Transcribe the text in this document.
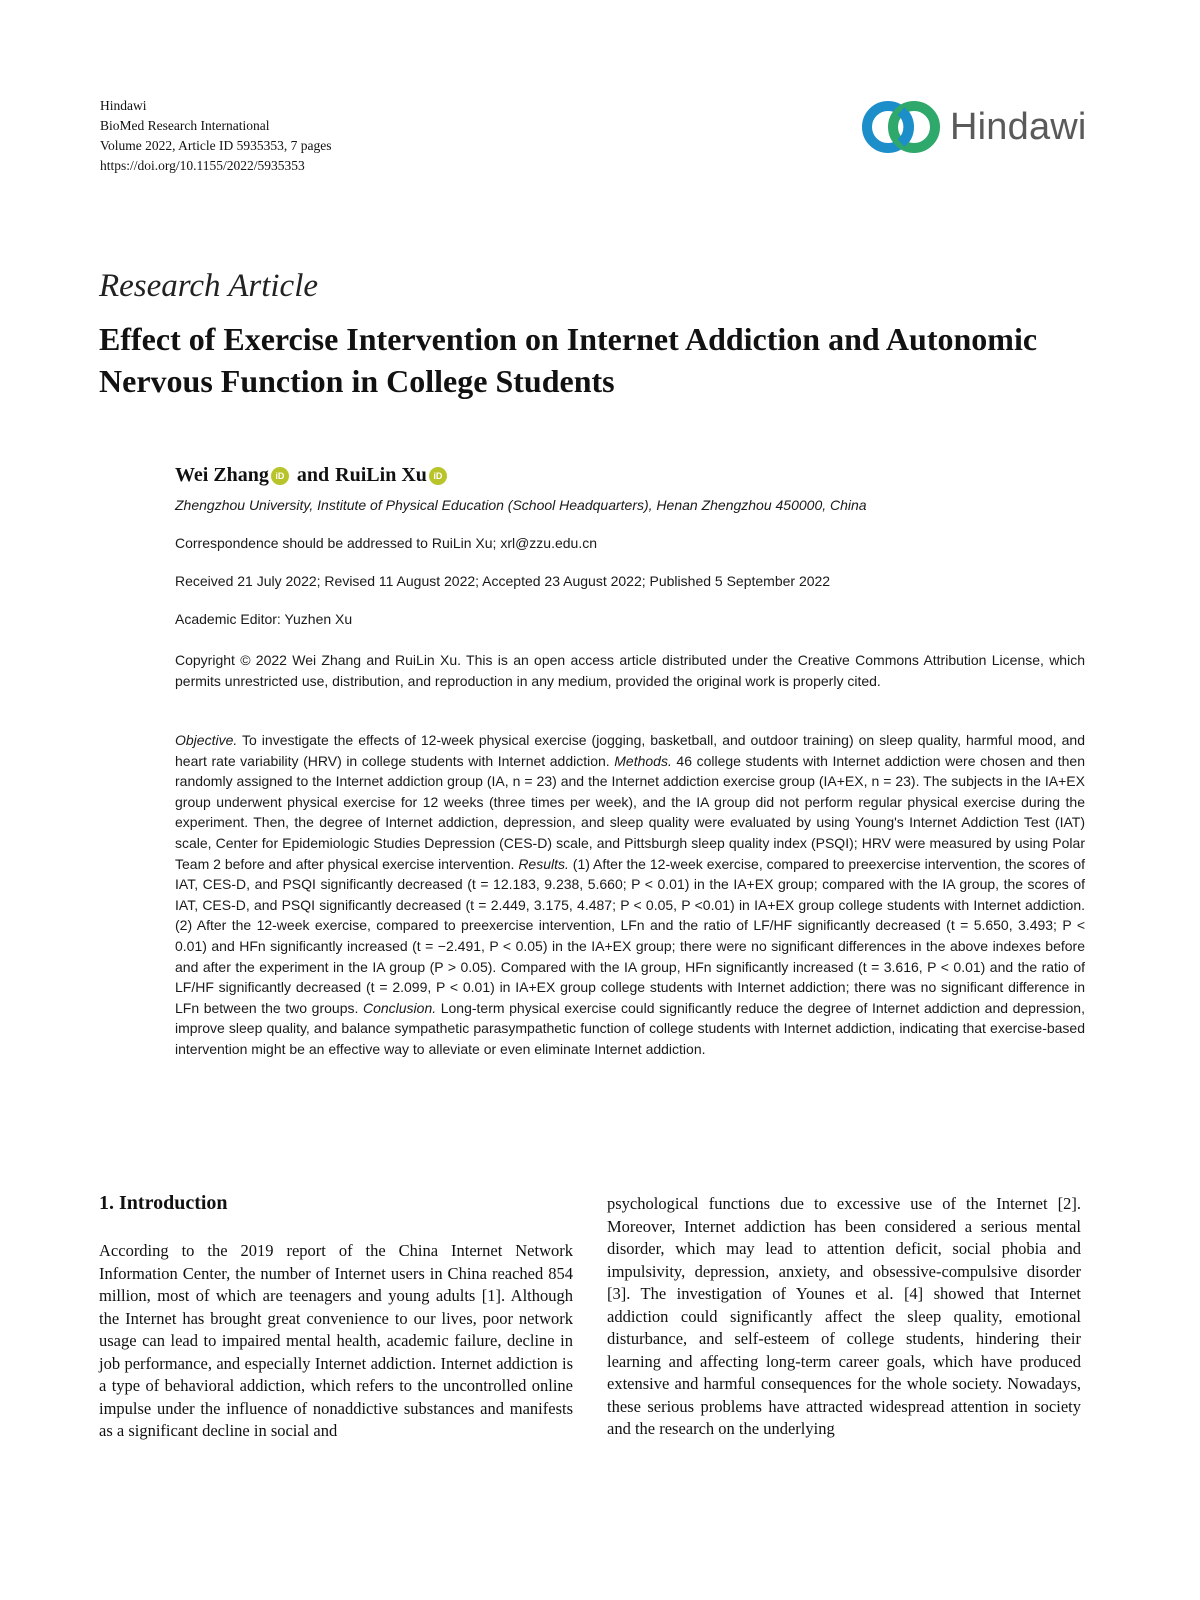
Hindawi
BioMed Research International
Volume 2022, Article ID 5935353, 7 pages
https://doi.org/10.1155/2022/5935353
Hindawi
Research Article
Effect of Exercise Intervention on Internet Addiction and Autonomic Nervous Function in College Students
Wei Zhang iD and RuiLin Xu iD
Zhengzhou University, Institute of Physical Education (School Headquarters), Henan Zhengzhou 450000, China
Correspondence should be addressed to RuiLin Xu; xrl@zzu.edu.cn
Received 21 July 2022; Revised 11 August 2022; Accepted 23 August 2022; Published 5 September 2022
Academic Editor: Yuzhen Xu
Copyright © 2022 Wei Zhang and RuiLin Xu. This is an open access article distributed under the Creative Commons Attribution License, which permits unrestricted use, distribution, and reproduction in any medium, provided the original work is properly cited.

Objective. To investigate the effects of 12-week physical exercise (jogging, basketball, and outdoor training) on sleep quality, harmful mood, and heart rate variability (HRV) in college students with Internet addiction. Methods. 46 college students with Internet addiction were chosen and then randomly assigned to the Internet addiction group (IA, n = 23) and the Internet addiction exercise group (IA+EX, n = 23). The subjects in the IA+EX group underwent physical exercise for 12 weeks (three times per week), and the IA group did not perform regular physical exercise during the experiment. Then, the degree of Internet addiction, depression, and sleep quality were evaluated by using Young's Internet Addiction Test (IAT) scale, Center for Epidemiologic Studies Depression (CES-D) scale, and Pittsburgh sleep quality index (PSQI); HRV were measured by using Polar Team 2 before and after physical exercise intervention. Results. (1) After the 12-week exercise, compared to preexercise intervention, the scores of IAT, CES-D, and PSQI significantly decreased (t = 12.183, 9.238, 5.660; P < 0.01) in the IA+EX group; compared with the IA group, the scores of IAT, CES-D, and PSQI significantly decreased (t = 2.449, 3.175, 4.487; P < 0.05, P <0.01) in IA+EX group college students with Internet addiction. (2) After the 12-week exercise, compared to preexercise intervention, LFn and the ratio of LF/HF significantly decreased (t = 5.650, 3.493; P < 0.01) and HFn significantly increased (t = −2.491, P < 0.05) in the IA+EX group; there were no significant differences in the above indexes before and after the experiment in the IA group (P > 0.05). Compared with the IA group, HFn significantly increased (t = 3.616, P < 0.01) and the ratio of LF/HF significantly decreased (t = 2.099, P < 0.01) in IA+EX group college students with Internet addiction; there was no significant difference in LFn between the two groups. Conclusion. Long-term physical exercise could significantly reduce the degree of Internet addiction and depression, improve sleep quality, and balance sympathetic parasympathetic function of college students with Internet addiction, indicating that exercise-based intervention might be an effective way to alleviate or even eliminate Internet addiction.

1. Introduction

According to the 2019 report of the China Internet Network Information Center, the number of Internet users in China reached 854 million, most of which are teenagers and young adults [1]. Although the Internet has brought great convenience to our lives, poor network usage can lead to impaired mental health, academic failure, decline in job performance, and especially Internet addiction. Internet addiction is a type of behavioral addiction, which refers to the uncontrolled online impulse under the influence of nonaddictive substances and manifests as a significant decline in social and

psychological functions due to excessive use of the Internet [2]. Moreover, Internet addiction has been considered a serious mental disorder, which may lead to attention deficit, social phobia and impulsivity, depression, anxiety, and obsessive-compulsive disorder [3]. The investigation of Younes et al. [4] showed that Internet addiction could significantly affect the sleep quality, emotional disturbance, and self-esteem of college students, hindering their learning and affecting long-term career goals, which have produced extensive and harmful consequences for the whole society. Nowadays, these serious problems have attracted widespread attention in society and the research on the underlying
